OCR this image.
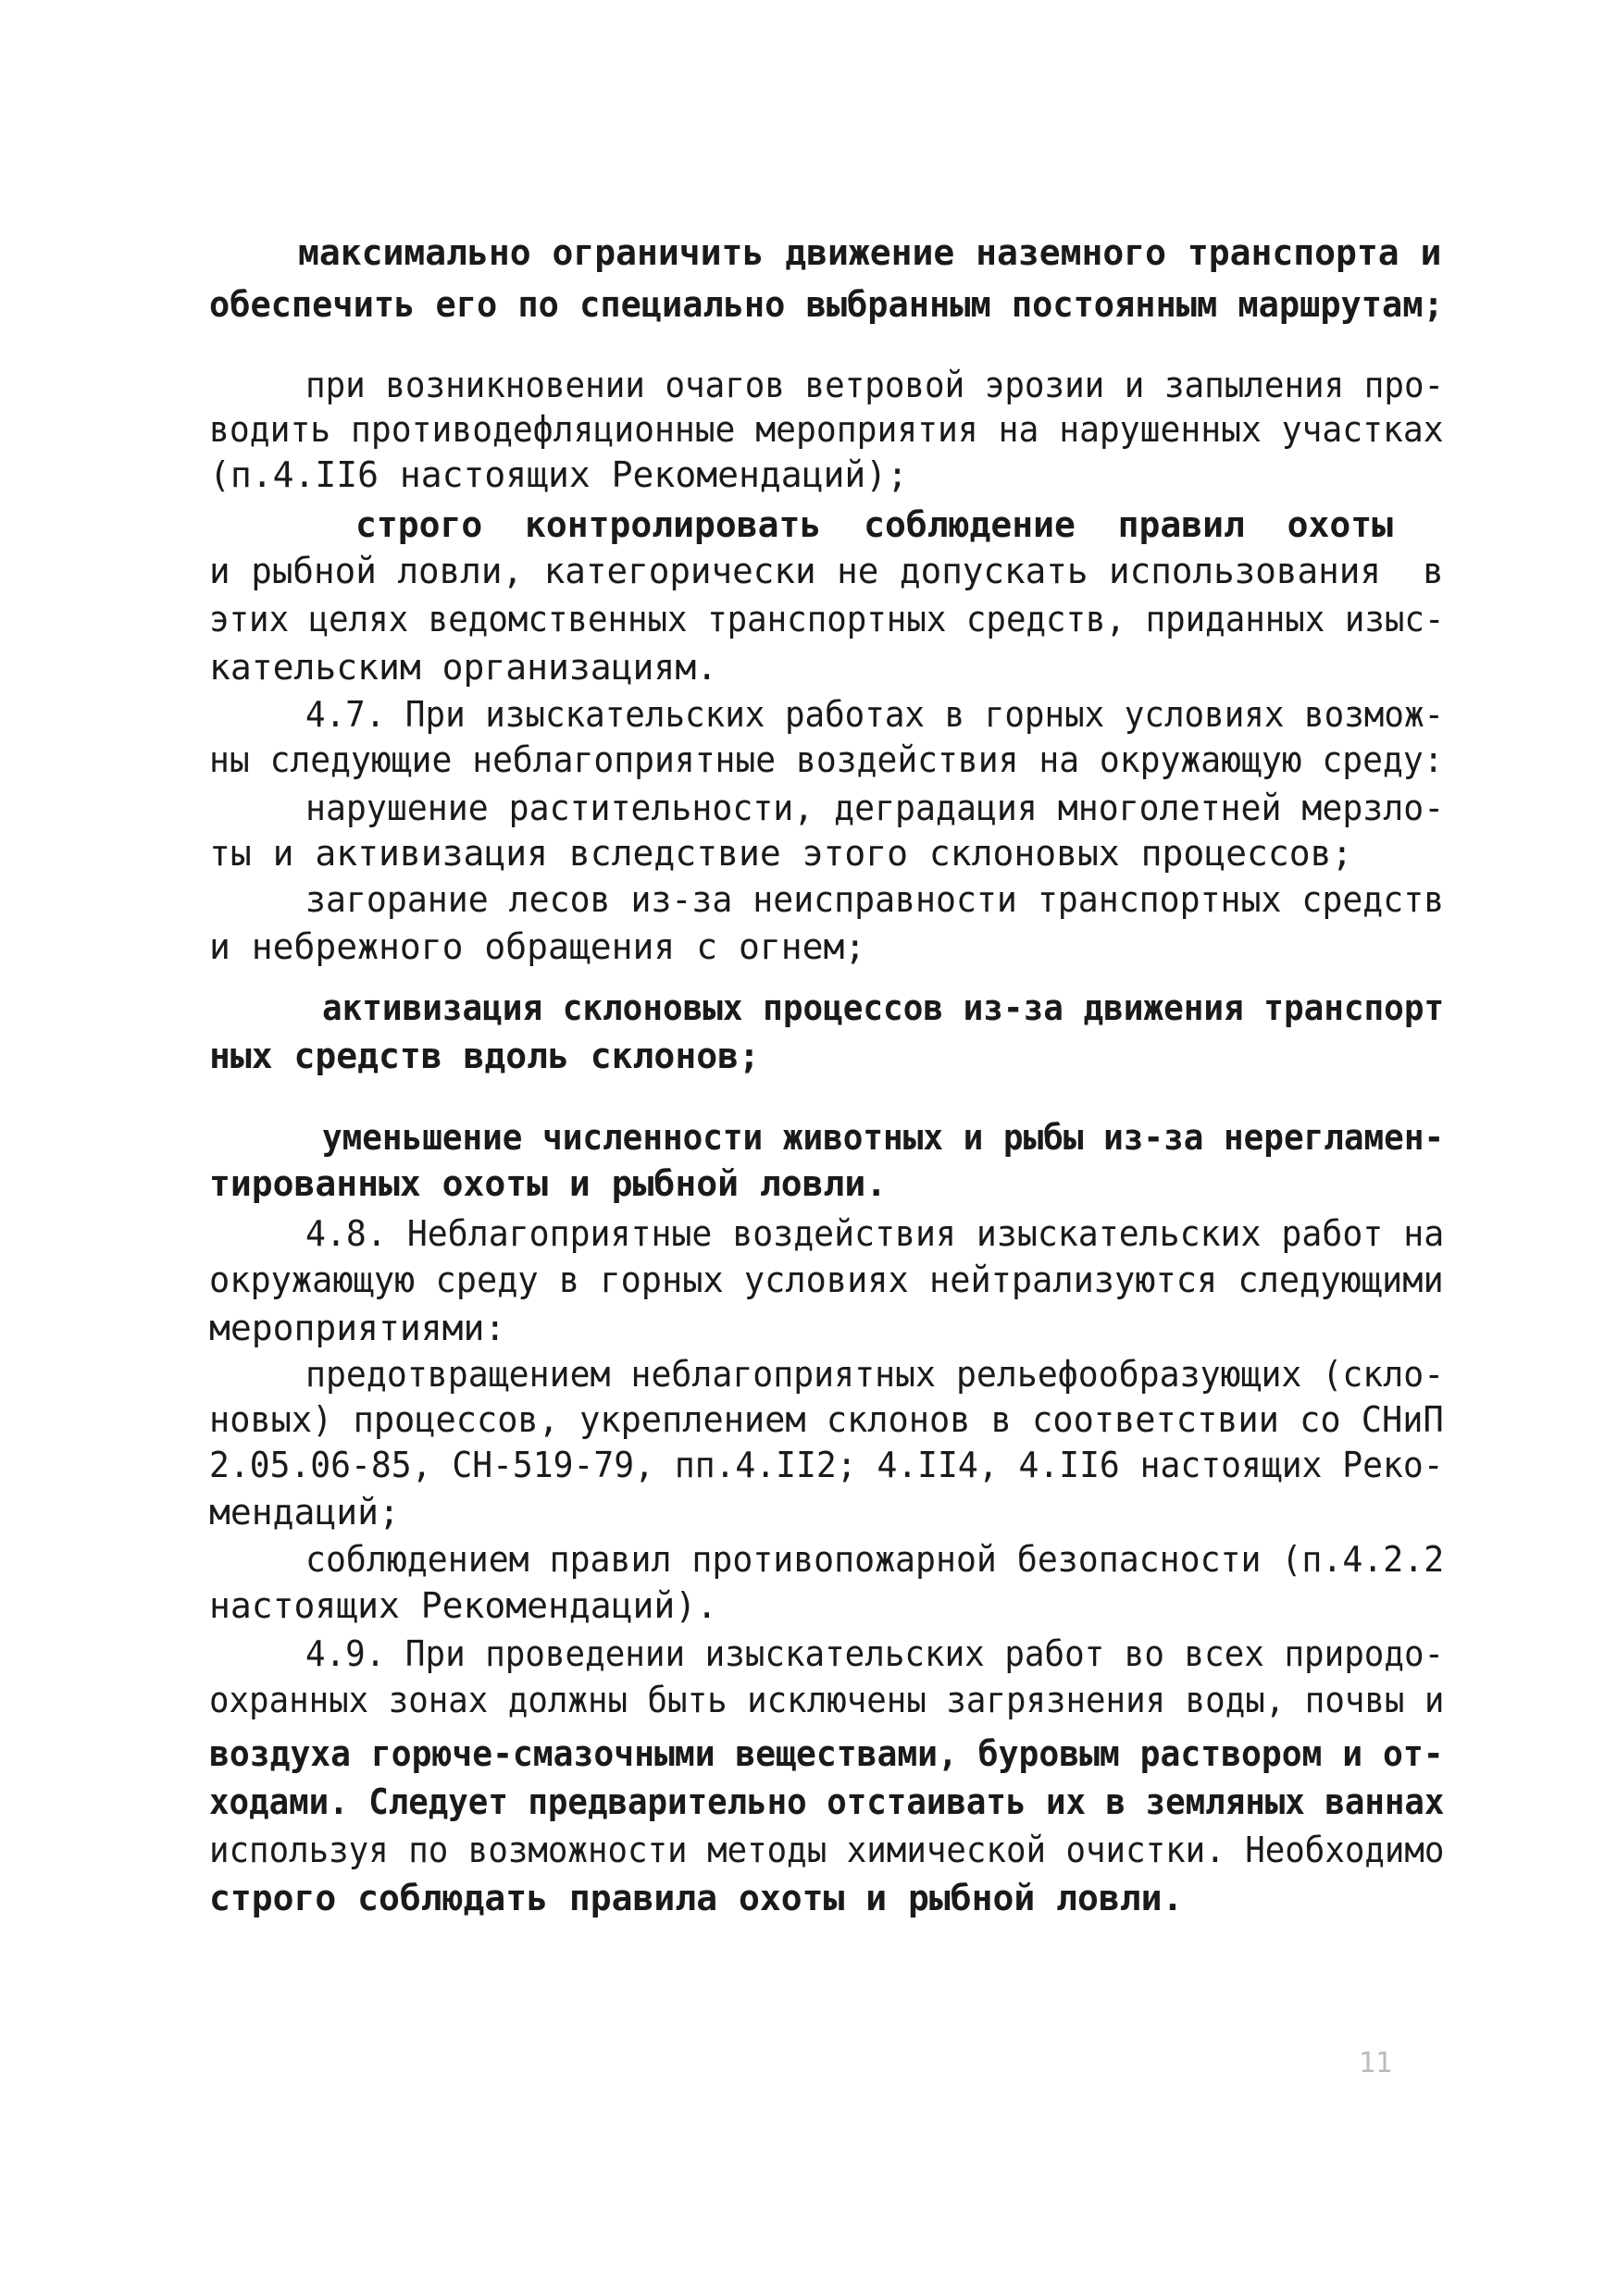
максимально ограничить движение наземного транспорта и
обеспечить его по специально выбранным постоянным маршрутам;
при возникновении очагов ветровой эрозии и запыления про-
водить противодефляционные мероприятия на нарушенных участках
(п.4.II6 настоящих Рекомендаций);
строго  контролировать  соблюдение  правил  охоты
и рыбной ловли, категорически не допускать использования  в
этих целях ведомственных транспортных средств, приданных изыс-
кательским организациям.
4.7. При изыскательских работах в горных условиях возмож-
ны следующие неблагоприятные воздействия на окружающую среду:
нарушение растительности, деградация многолетней мерзло-
ты и активизация вследствие этого склоновых процессов;
загорание лесов из-за неисправности транспортных средств
и небрежного обращения с огнем;
активизация склоновых процессов из-за движения транспорт
ных средств вдоль склонов;
уменьшение численности животных и рыбы из-за нерегламен-
тированных охоты и рыбной ловли.
4.8. Неблагоприятные воздействия изыскательских работ на
окружающую среду в горных условиях нейтрализуются следующими
мероприятиями:
предотвращением неблагоприятных рельефообразующих (скло-
новых) процессов, укреплением склонов в соответствии со СНиП
2.05.06-85, СН-519-79, пп.4.II2; 4.II4, 4.II6 настоящих Реко-
мендаций;
соблюдением правил противопожарной безопасности (п.4.2.2
настоящих Рекомендаций).
4.9. При проведении изыскательских работ во всех природо-
охранных зонах должны быть исключены загрязнения воды, почвы и
воздуха горюче-смазочными веществами, буровым раствором и от-
ходами. Следует предварительно отстаивать их в земляных ваннах
используя по возможности методы химической очистки. Необходимо
строго соблюдать правила охоты и рыбной ловли.
11
